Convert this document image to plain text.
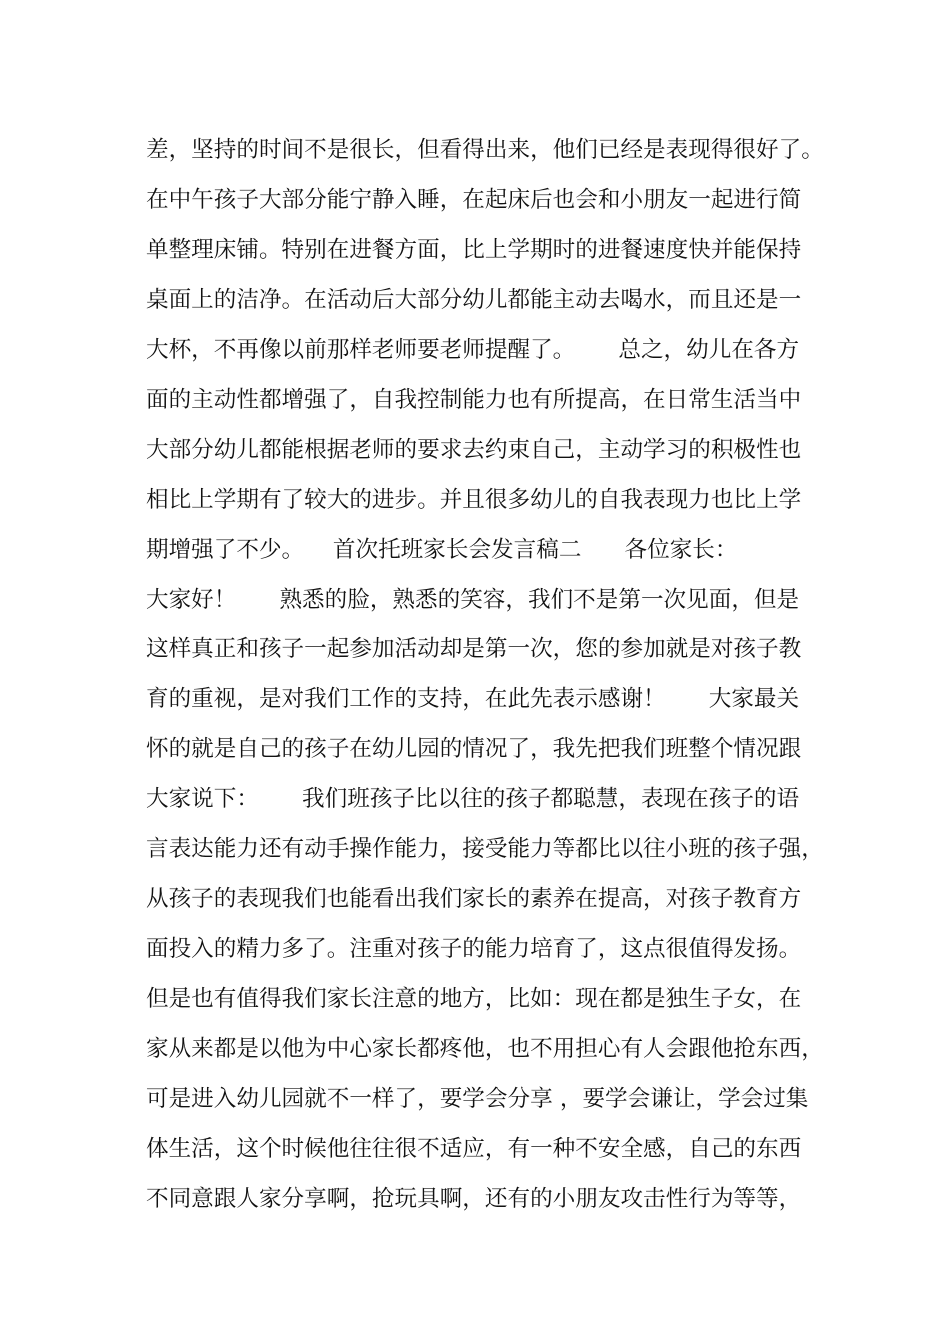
差，坚持的时间不是很长，但看得出来，他们已经是表现得很好了。
在中午孩子大部分能宁静入睡，在起床后也会和小朋友一起进行简
单整理床铺。特别在进餐方面，比上学期时的进餐速度快并能保持
桌面上的洁净。在活动后大部分幼儿都能主动去喝水，而且还是一
大杯，不再像以前那样老师要老师提醒了。      总之，幼儿在各方
面的主动性都增强了，自我控制能力也有所提高，在日常生活当中
大部分幼儿都能根据老师的要求去约束自己，主动学习的积极性也
相比上学期有了较大的进步。并且很多幼儿的自我表现力也比上学
期增强了不少。    首次托班家长会发言稿二      各位家长：
大家好！      熟悉的脸，熟悉的笑容，我们不是第一次见面，但是
这样真正和孩子一起参加活动却是第一次，您的参加就是对孩子教
育的重视，是对我们工作的支持，在此先表示感谢！      大家最关
怀的就是自己的孩子在幼儿园的情况了，我先把我们班整个情况跟
大家说下：      我们班孩子比以往的孩子都聪慧，表现在孩子的语
言表达能力还有动手操作能力，接受能力等都比以往小班的孩子强，
从孩子的表现我们也能看出我们家长的素养在提高，对孩子教育方
面投入的精力多了。注重对孩子的能力培育了，这点很值得发扬。
但是也有值得我们家长注意的地方，比如：现在都是独生子女，在
家从来都是以他为中心家长都疼他，也不用担心有人会跟他抢东西，
可是进入幼儿园就不一样了，要学会分享 ，要学会谦让，学会过集
体生活，这个时候他往往很不适应，有一种不安全感，自己的东西
不同意跟人家分享啊，抢玩具啊，还有的小朋友攻击性行为等等，
